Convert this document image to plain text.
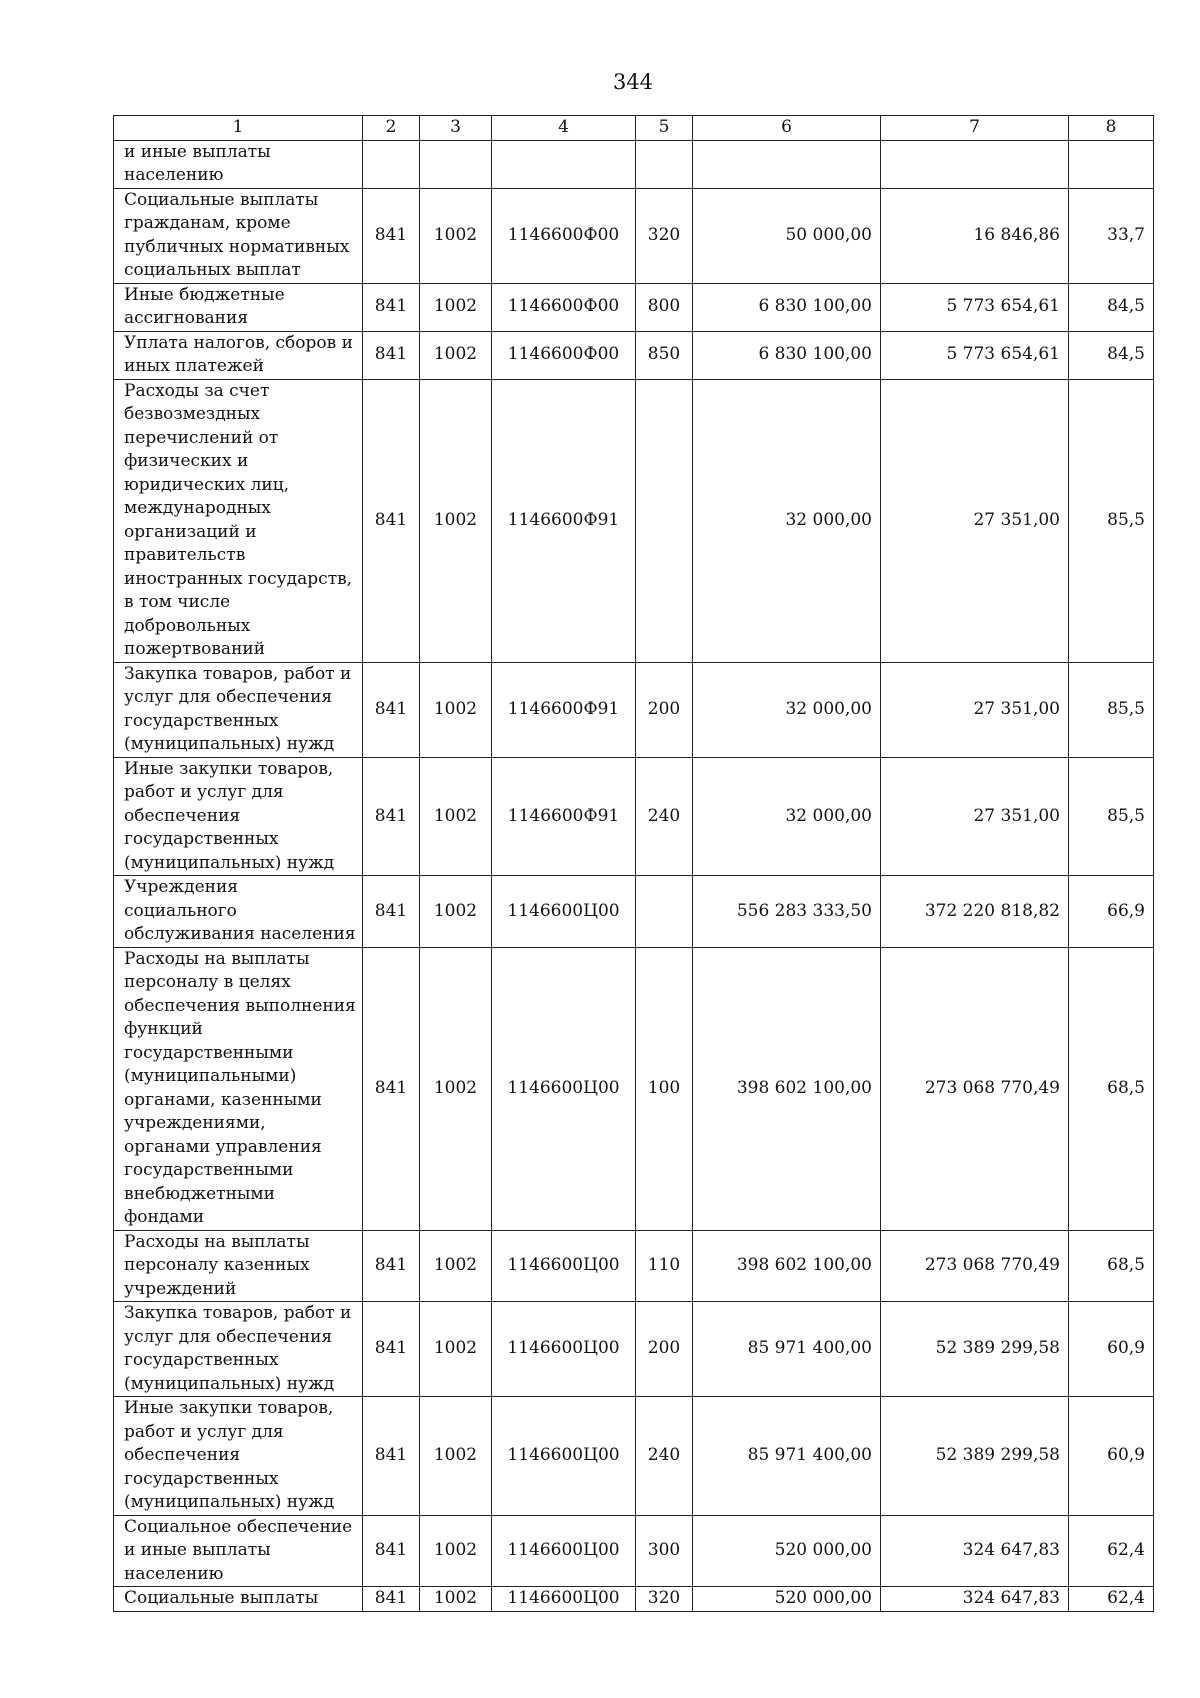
344
1	2	3	4	5	6	7	8
и иные выплаты населению							
Социальные выплаты гражданам, кроме публичных нормативных социальных выплат	841	1002	1146600Ф00	320	50 000,00	16 846,86	33,7
Иные бюджетные ассигнования	841	1002	1146600Ф00	800	6 830 100,00	5 773 654,61	84,5
Уплата налогов, сборов и иных платежей	841	1002	1146600Ф00	850	6 830 100,00	5 773 654,61	84,5
Расходы за счет безвозмездных перечислений от физических и юридических лиц, международных организаций и правительств иностранных государств, в том числе добровольных пожертвований	841	1002	1146600Ф91		32 000,00	27 351,00	85,5
Закупка товаров, работ и услуг для обеспечения государственных (муниципальных) нужд	841	1002	1146600Ф91	200	32 000,00	27 351,00	85,5
Иные закупки товаров, работ и услуг для обеспечения государственных (муниципальных) нужд	841	1002	1146600Ф91	240	32 000,00	27 351,00	85,5
Учреждения социального обслуживания населения	841	1002	1146600Ц00		556 283 333,50	372 220 818,82	66,9
Расходы на выплаты персоналу в целях обеспечения выполнения функций государственными (муниципальными) органами, казенными учреждениями, органами управления государственными внебюджетными фондами	841	1002	1146600Ц00	100	398 602 100,00	273 068 770,49	68,5
Расходы на выплаты персоналу казенных учреждений	841	1002	1146600Ц00	110	398 602 100,00	273 068 770,49	68,5
Закупка товаров, работ и услуг для обеспечения государственных (муниципальных) нужд	841	1002	1146600Ц00	200	85 971 400,00	52 389 299,58	60,9
Иные закупки товаров, работ и услуг для обеспечения государственных (муниципальных) нужд	841	1002	1146600Ц00	240	85 971 400,00	52 389 299,58	60,9
Социальное обеспечение и иные выплаты населению	841	1002	1146600Ц00	300	520 000,00	324 647,83	62,4
Социальные выплаты	841	1002	1146600Ц00	320	520 000,00	324 647,83	62,4
